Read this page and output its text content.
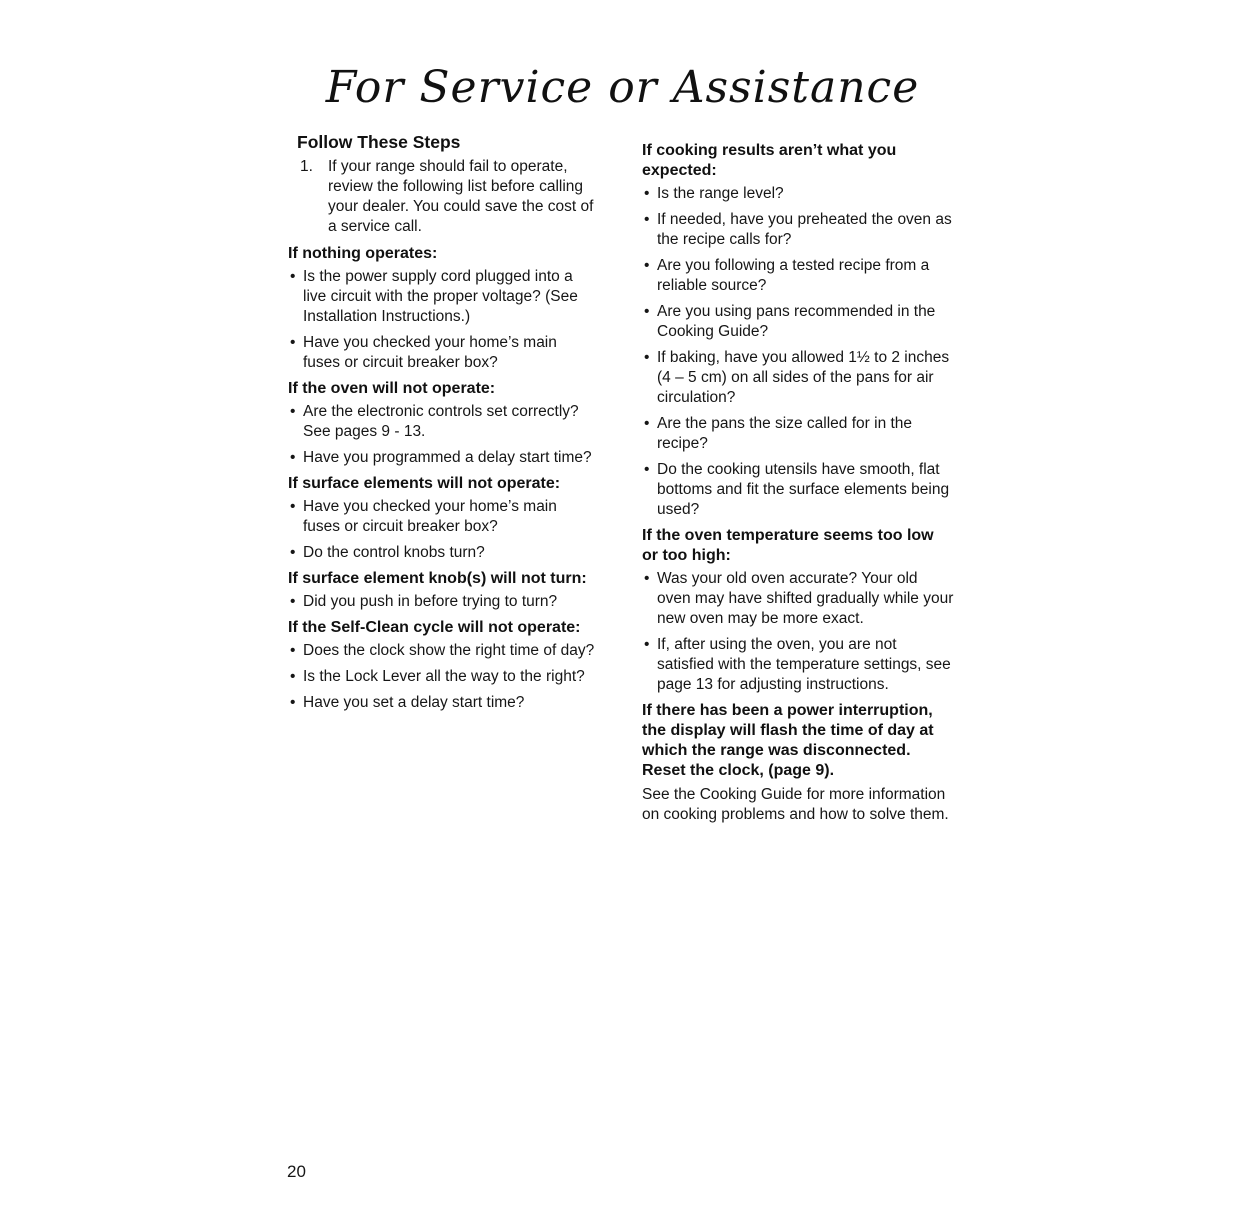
For Service or Assistance
Follow These Steps
1. If your range should fail to operate, review the following list before calling your dealer. You could save the cost of a service call.
If nothing operates:
• Is the power supply cord plugged into a live circuit with the proper voltage? (See Installation Instructions.)
• Have you checked your home’s main fuses or circuit breaker box?
If the oven will not operate:
• Are the electronic controls set correctly? See pages 9 - 13.
• Have you programmed a delay start time?
If surface elements will not operate:
• Have you checked your home’s main fuses or circuit breaker box?
• Do the control knobs turn?
If surface element knob(s) will not turn:
• Did you push in before trying to turn?
If the Self-Clean cycle will not operate:
• Does the clock show the right time of day?
• Is the Lock Lever all the way to the right?
• Have you set a delay start time?
If cooking results aren’t what you expected:
• Is the range level?
• If needed, have you preheated the oven as the recipe calls for?
• Are you following a tested recipe from a reliable source?
• Are you using pans recommended in the Cooking Guide?
• If baking, have you allowed 1½ to 2 inches (4 – 5 cm) on all sides of the pans for air circulation?
• Are the pans the size called for in the recipe?
• Do the cooking utensils have smooth, flat bottoms and fit the surface elements being used?
If the oven temperature seems too low or too high:
• Was your old oven accurate? Your old oven may have shifted gradually while your new oven may be more exact.
• If, after using the oven, you are not satisfied with the temperature settings, see page 13 for adjusting instructions.
If there has been a power interruption, the display will flash the time of day at which the range was disconnected. Reset the clock, (page 9).
See the Cooking Guide for more information on cooking problems and how to solve them.
20
